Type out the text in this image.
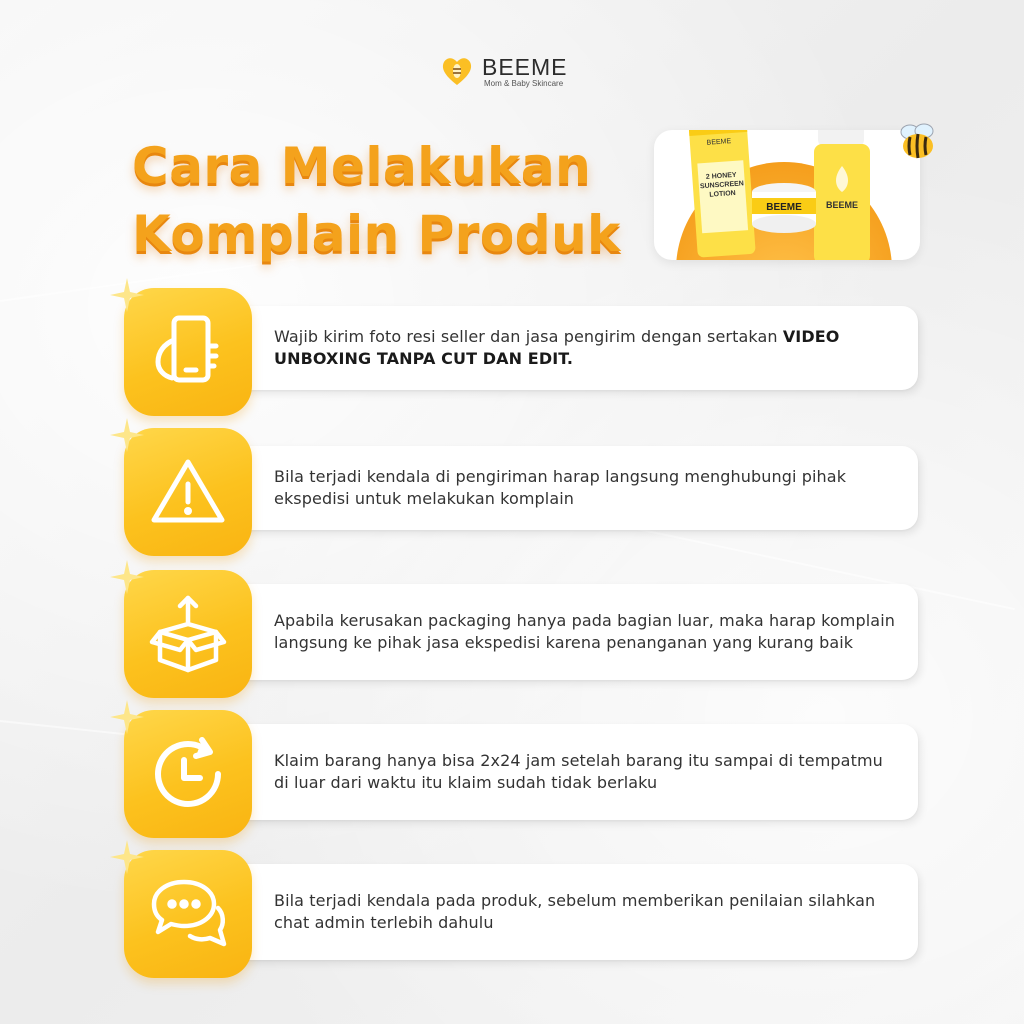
BEEME
Mom & Baby Skincare
Cara Melakukan
Komplain Produk
2 HONEY
SUNSCREEN
LOTION
BEEME
BEEME
BEEME
Wajib kirim foto resi seller dan jasa pengirim dengan sertakan VIDEO UNBOXING TANPA CUT DAN EDIT.
Bila terjadi kendala di pengiriman harap langsung menghubungi pihak ekspedisi untuk melakukan komplain
Apabila kerusakan packaging hanya pada bagian luar, maka harap komplain langsung ke pihak jasa ekspedisi karena penanganan yang kurang baik
Klaim barang hanya bisa 2x24 jam setelah barang itu sampai di tempatmu di luar dari waktu itu klaim sudah tidak berlaku
Bila terjadi kendala pada produk, sebelum memberikan penilaian silahkan chat admin terlebih dahulu
